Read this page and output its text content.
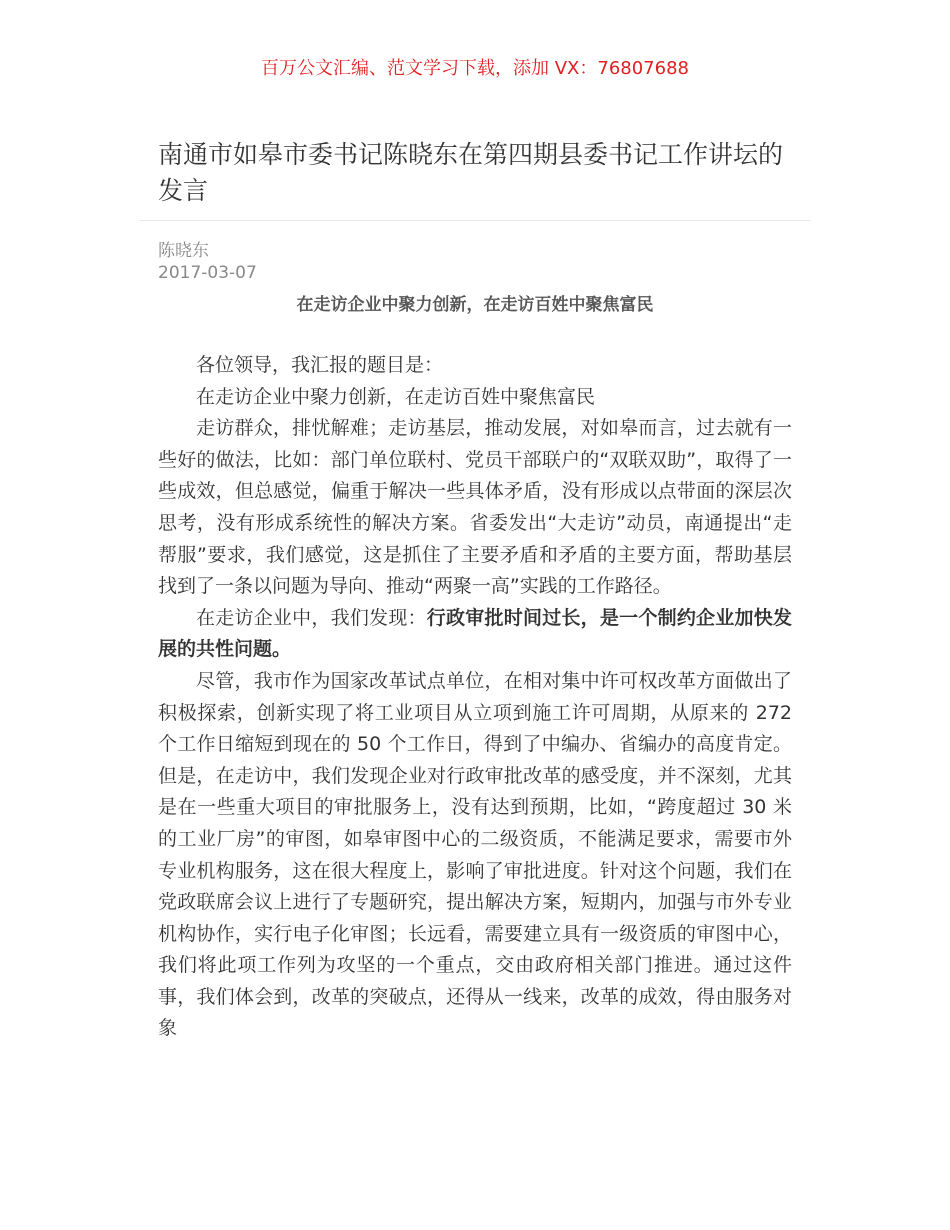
百万公文汇编、范文学习下载，添加 VX：76807688
南通市如皋市委书记陈晓东在第四期县委书记工作讲坛的发言
陈晓东
2017-03-07
在走访企业中聚力创新，在走访百姓中聚焦富民

各位领导，我汇报的题目是：

在走访企业中聚力创新，在走访百姓中聚焦富民

走访群众，排忧解难；走访基层，推动发展，对如皋而言，过去就有一些好的做法，比如：部门单位联村、党员干部联户的“双联双助”，取得了一些成效，但总感觉，偏重于解决一些具体矛盾，没有形成以点带面的深层次思考，没有形成系统性的解决方案。省委发出“大走访”动员，南通提出“走帮服”要求，我们感觉，这是抓住了主要矛盾和矛盾的主要方面，帮助基层找到了一条以问题为导向、推动“两聚一高”实践的工作路径。

在走访企业中，我们发现：行政审批时间过长，是一个制约企业加快发展的共性问题。

尽管，我市作为国家改革试点单位，在相对集中许可权改革方面做出了积极探索，创新实现了将工业项目从立项到施工许可周期，从原来的 272 个工作日缩短到现在的 50 个工作日，得到了中编办、省编办的高度肯定。但是，在走访中，我们发现企业对行政审批改革的感受度，并不深刻，尤其是在一些重大项目的审批服务上，没有达到预期，比如，“跨度超过 30 米的工业厂房”的审图，如皋审图中心的二级资质，不能满足要求，需要市外专业机构服务，这在很大程度上，影响了审批进度。针对这个问题，我们在党政联席会议上进行了专题研究，提出解决方案，短期内，加强与市外专业机构协作，实行电子化审图；长远看，需要建立具有一级资质的审图中心，我们将此项工作列为攻坚的一个重点，交由政府相关部门推进。通过这件事，我们体会到，改革的突破点，还得从一线来，改革的成效，得由服务对象
